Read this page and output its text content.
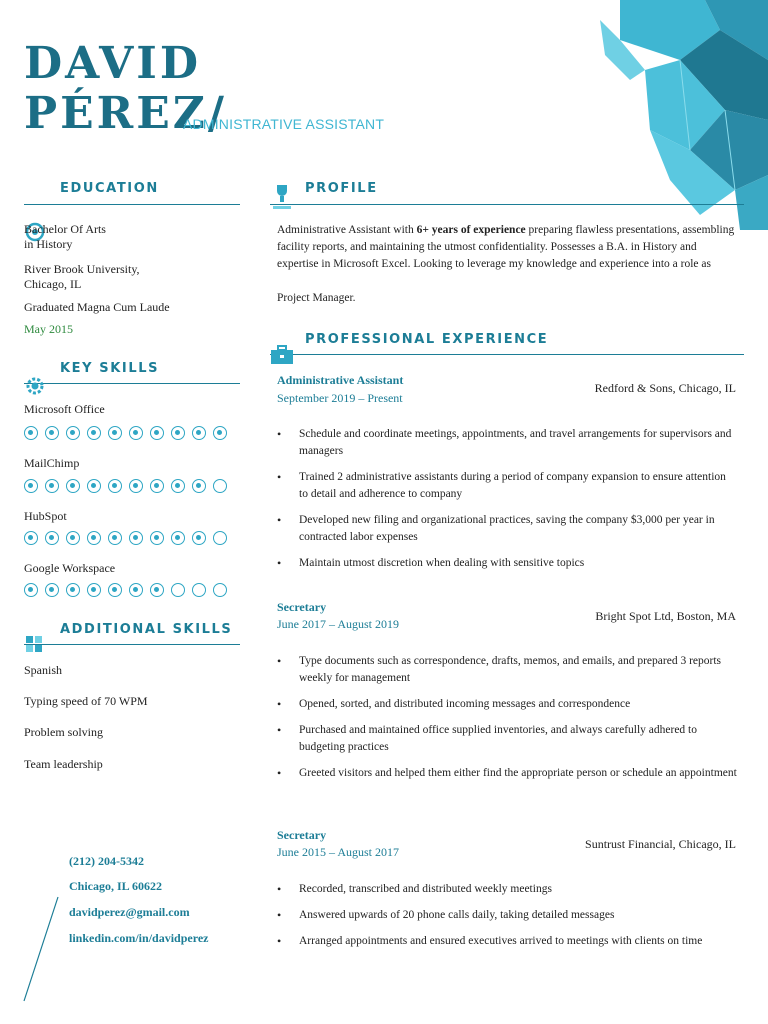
DAVID
PÉREZ/
ADMINISTRATIVE ASSISTANT
EDUCATION
Bachelor Of Arts
in History
River Brook University,
Chicago, IL
Graduated Magna Cum Laude
May 2015
KEY SKILLS
Microsoft Office
MailChimp
HubSpot
Google Workspace
ADDITIONAL SKILLS
Spanish
Typing speed of 70 WPM
Problem solving
Team leadership
(212) 204-5342
Chicago, IL 60622
davidperez@gmail.com
linkedin.com/in/davidperez
PROFILE
Administrative Assistant with 6+ years of experience preparing flawless presentations, assembling facility reports, and maintaining the utmost confidentiality. Possesses a B.A. in History and expertise in Microsoft Excel. Looking to leverage my knowledge and experience into a role as
Project Manager.
PROFESSIONAL EXPERIENCE
Administrative Assistant
September 2019 – Present
Redford & Sons, Chicago, IL
•	Schedule and coordinate meetings, appointments, and travel arrangements for supervisors and managers
•	Trained 2 administrative assistants during a period of company expansion to ensure attention to detail and adherence to company
•	Developed new filing and organizational practices, saving the company $3,000 per year in contracted labor expenses
•	Maintain utmost discretion when dealing with sensitive topics
Secretary
June 2017 – August 2019
Bright Spot Ltd, Boston, MA
•	Type documents such as correspondence, drafts, memos, and emails, and prepared 3 reports weekly for management
•	Opened, sorted, and distributed incoming messages and correspondence
•	Purchased and maintained office supplied inventories, and always carefully adhered to budgeting practices
•	Greeted visitors and helped them either find the appropriate person or schedule an appointment
Secretary
June 2015 – August 2017
Suntrust Financial, Chicago, IL
•	Recorded, transcribed and distributed weekly meetings
•	Answered upwards of 20 phone calls daily, taking detailed messages
•	Arranged appointments and ensured executives arrived to meetings with clients on time
